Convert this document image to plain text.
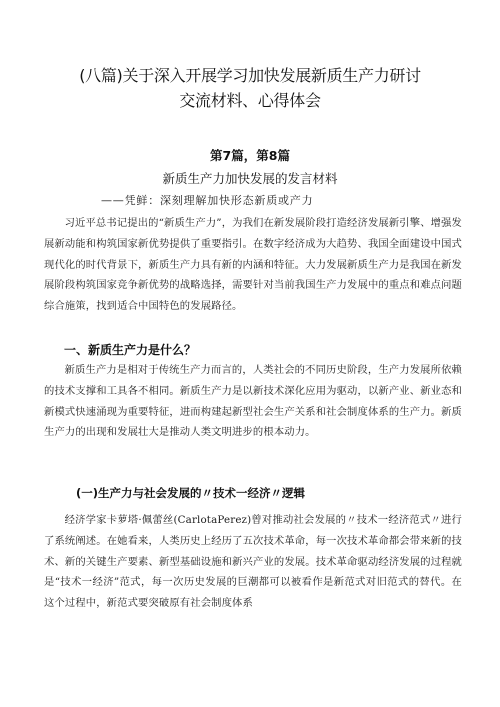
(八篇)关于深入开展学习加快发展新质生产力研讨
交流材料、心得体会
第7篇，第8篇
新质生产力加快发展的发言材料
——凭鲜：深刻理解加快形态新质或产力

习近平总书记提出的“新质生产力”，为我们在新发展阶段打造经济发展新引擎、增强发展新动能和构筑国家新优势提供了重要指引。在数字经济成为大趋势、我国全面建设中国式现代化的时代背景下，新质生产力具有新的内涵和特征。大力发展新质生产力是我国在新发展阶段构筑国家竞争新优势的战略选择，需要针对当前我国生产力发展中的重点和难点问题综合施策，找到适合中国特色的发展路径。

一、新质生产力是什么？

新质生产力是相对于传统生产力而言的，人类社会的不同历史阶段，生产力发展所依赖的技术支撑和工具各不相同。新质生产力是以新技术深化应用为驱动，以新产业、新业态和新模式快速涌现为重要特征，进而构建起新型社会生产关系和社会制度体系的生产力。新质生产力的出现和发展壮大是推动人类文明进步的根本动力。

(一)生产力与社会发展的〃技术一经济〃逻辑

经济学家卡萝塔·佩蕾丝(CarlotaPerez)曾对推动社会发展的〃技术一经济范式〃进行了系统阐述。在她看来，人类历史上经历了五次技术革命，每一次技术革命都会带来新的技术、新的关键生产要素、新型基础设施和新兴产业的发展。技术革命驱动经济发展的过程就是“技术一经济”范式，每一次历史发展的巨潮都可以被看作是新范式对旧范式的替代。在这个过程中，新范式要突破原有社会制度体系
